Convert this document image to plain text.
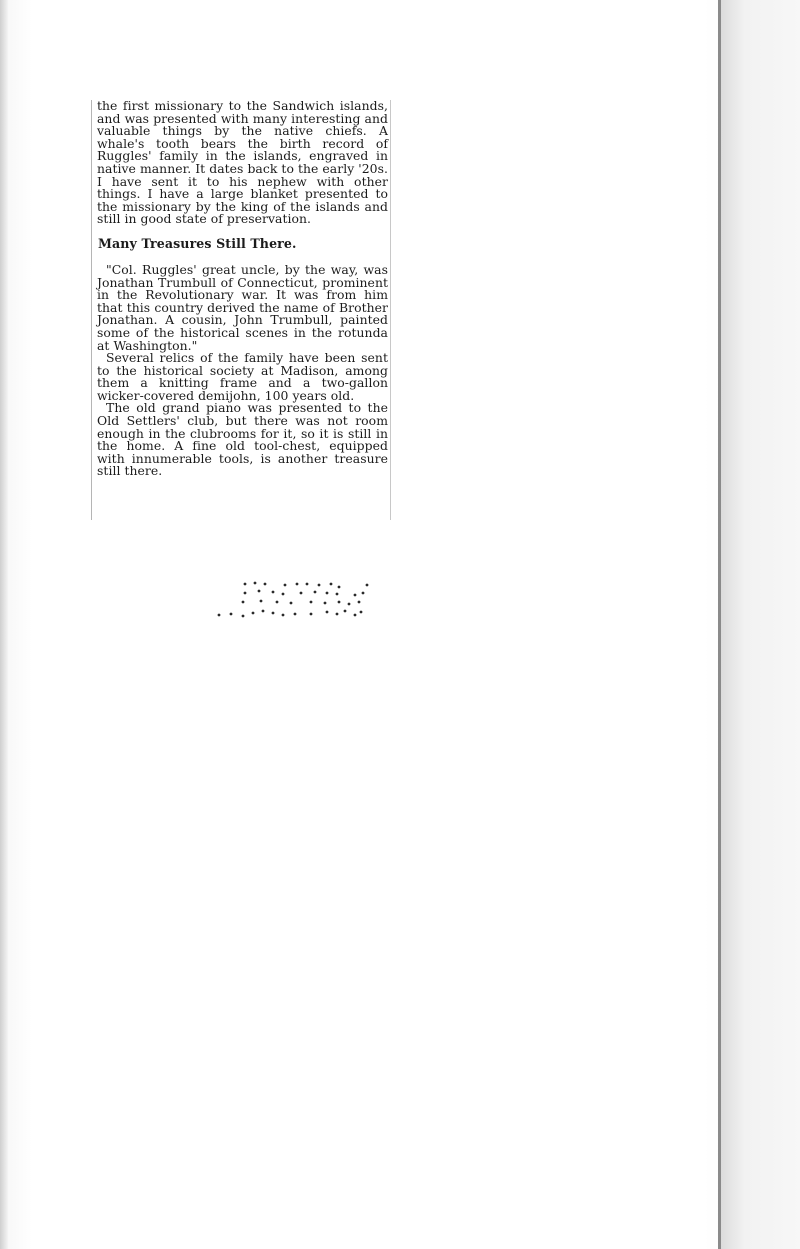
the first missionary to the Sandwich islands, and was presented with many interesting and valuable things by the native chiefs. A whale's tooth bears the birth record of Ruggles' family in the islands, engraved in native manner. It dates back to the early '20s. I have sent it to his nephew with other things. I have a large blanket presented to the missionary by the king of the islands and still in good state of preservation.

Many Treasures Still There.

"Col. Ruggles' great uncle, by the way, was Jonathan Trumbull of Connecticut, prominent in the Revolutionary war. It was from him that this country derived the name of Brother Jonathan. A cousin, John Trumbull, painted some of the historical scenes in the rotunda at Washington."

Several relics of the family have been sent to the historical society at Madison, among them a knitting frame and a two-gallon wicker-covered demijohn, 100 years old.

The old grand piano was presented to the Old Settlers' club, but there was not room enough in the clubrooms for it, so it is still in the home. A fine old tool-chest, equipped with innumerable tools, is another treasure still there.
